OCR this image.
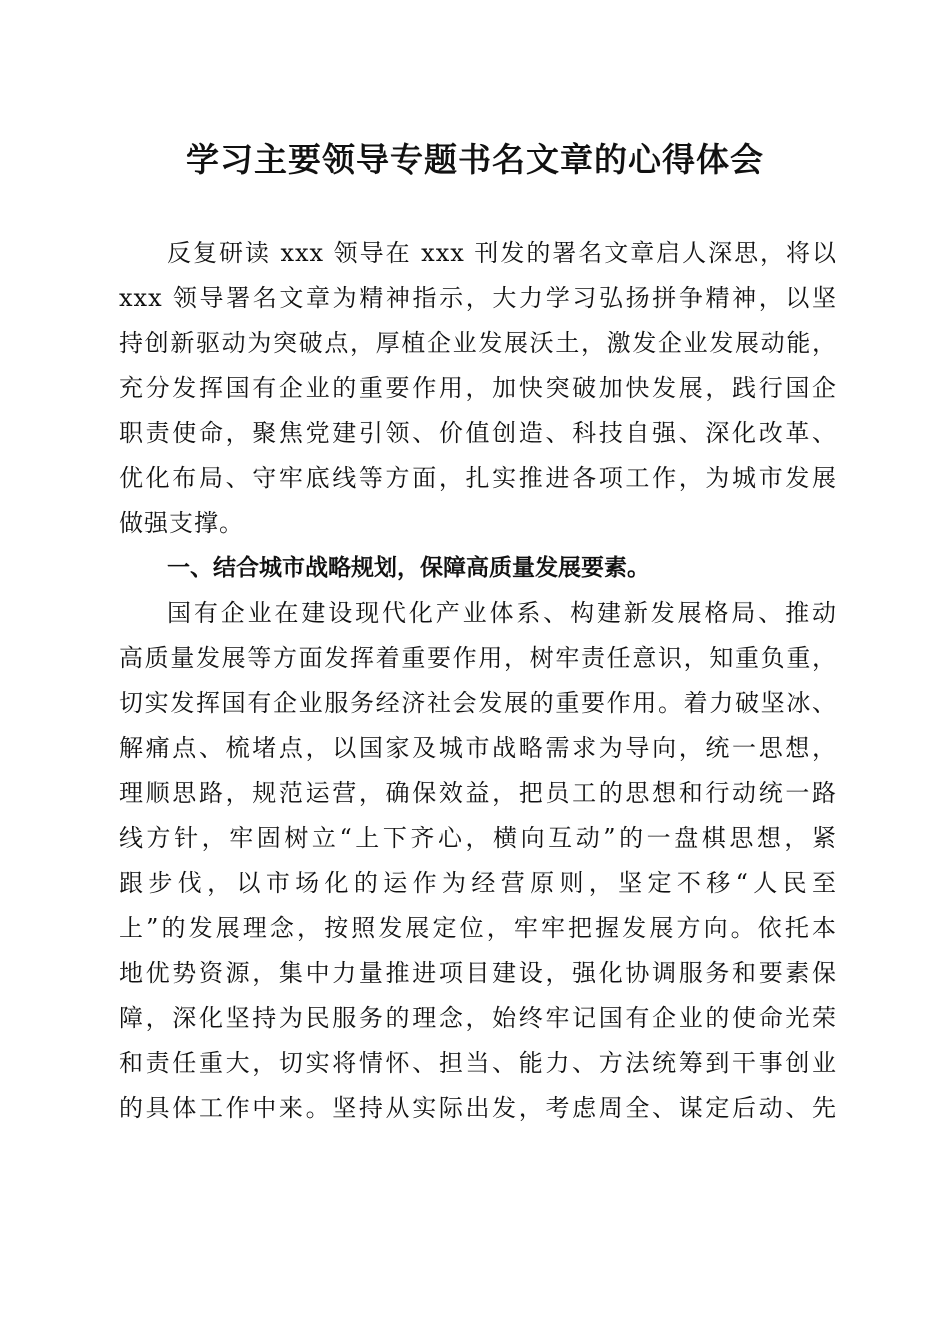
学习主要领导专题书名文章的心得体会
反复研读 xxx 领导在 xxx 刊发的署名文章启人深思，将以
xxx 领导署名文章为精神指示，大力学习弘扬拼争精神，以坚
持创新驱动为突破点，厚植企业发展沃土，激发企业发展动能，
充分发挥国有企业的重要作用，加快突破加快发展，践行国企
职责使命，聚焦党建引领、价值创造、科技自强、深化改革、
优化布局、守牢底线等方面，扎实推进各项工作，为城市发展
做强支撑。
一、结合城市战略规划，保障高质量发展要素。
国有企业在建设现代化产业体系、构建新发展格局、推动
高质量发展等方面发挥着重要作用，树牢责任意识，知重负重，
切实发挥国有企业服务经济社会发展的重要作用。着力破坚冰、
解痛点、梳堵点，以国家及城市战略需求为导向，统一思想，
理顺思路，规范运营，确保效益，把员工的思想和行动统一路
线方针，牢固树立“上下齐心，横向互动”的一盘棋思想，紧
跟步伐，以市场化的运作为经营原则，坚定不移“人民至
上”的发展理念，按照发展定位，牢牢把握发展方向。依托本
地优势资源，集中力量推进项目建设，强化协调服务和要素保
障，深化坚持为民服务的理念，始终牢记国有企业的使命光荣
和责任重大，切实将情怀、担当、能力、方法统筹到干事创业
的具体工作中来。坚持从实际出发，考虑周全、谋定后动、先
